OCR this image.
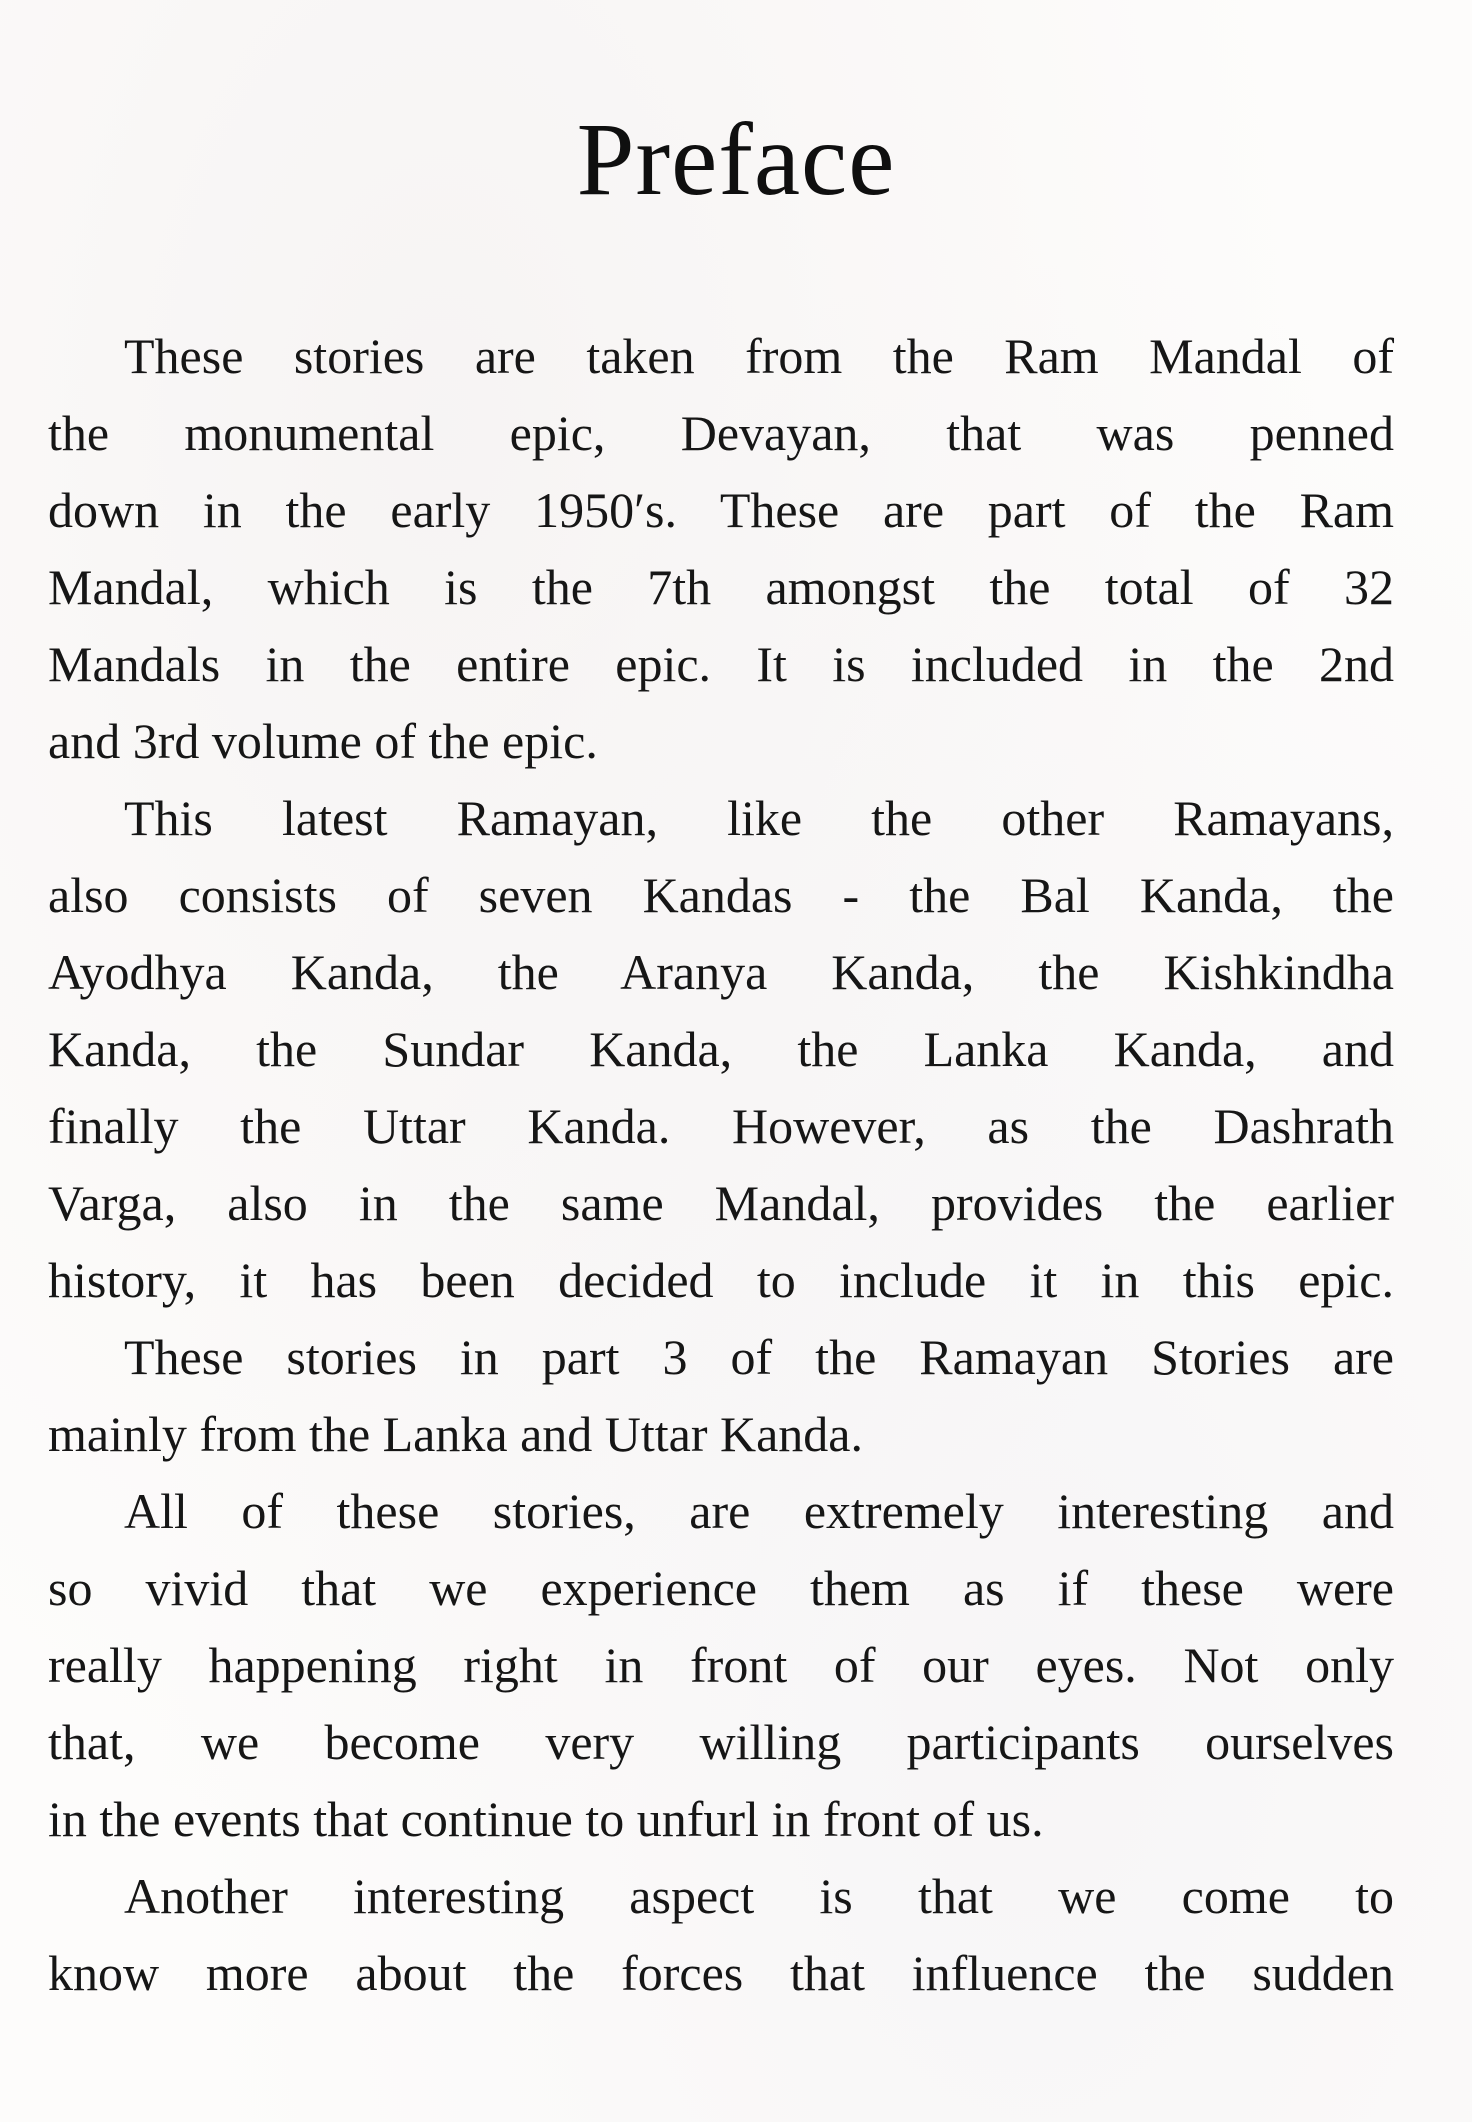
Preface
These stories are taken from the Ram Mandal of
the monumental epic, Devayan, that was penned
down in the early 1950′s. These are part of the Ram
Mandal, which is the 7th amongst the total of 32
Mandals in the entire epic. It is included in the 2nd
and 3rd volume of the epic.
This latest Ramayan, like the other Ramayans,
also consists of seven Kandas - the Bal Kanda, the
Ayodhya Kanda, the Aranya Kanda, the Kishkindha
Kanda, the Sundar Kanda, the Lanka Kanda, and
finally the Uttar Kanda. However, as the Dashrath
Varga, also in the same Mandal, provides the earlier
history, it has been decided to include it in this epic.
These stories in part 3 of the Ramayan Stories are
mainly from the Lanka and Uttar Kanda.
All of these stories, are extremely interesting and
so vivid that we experience them as if these were
really happening right in front of our eyes. Not only
that, we become very willing participants ourselves
in the events that continue to unfurl in front of us.
Another interesting aspect is that we come to
know more about the forces that influence the sudden
